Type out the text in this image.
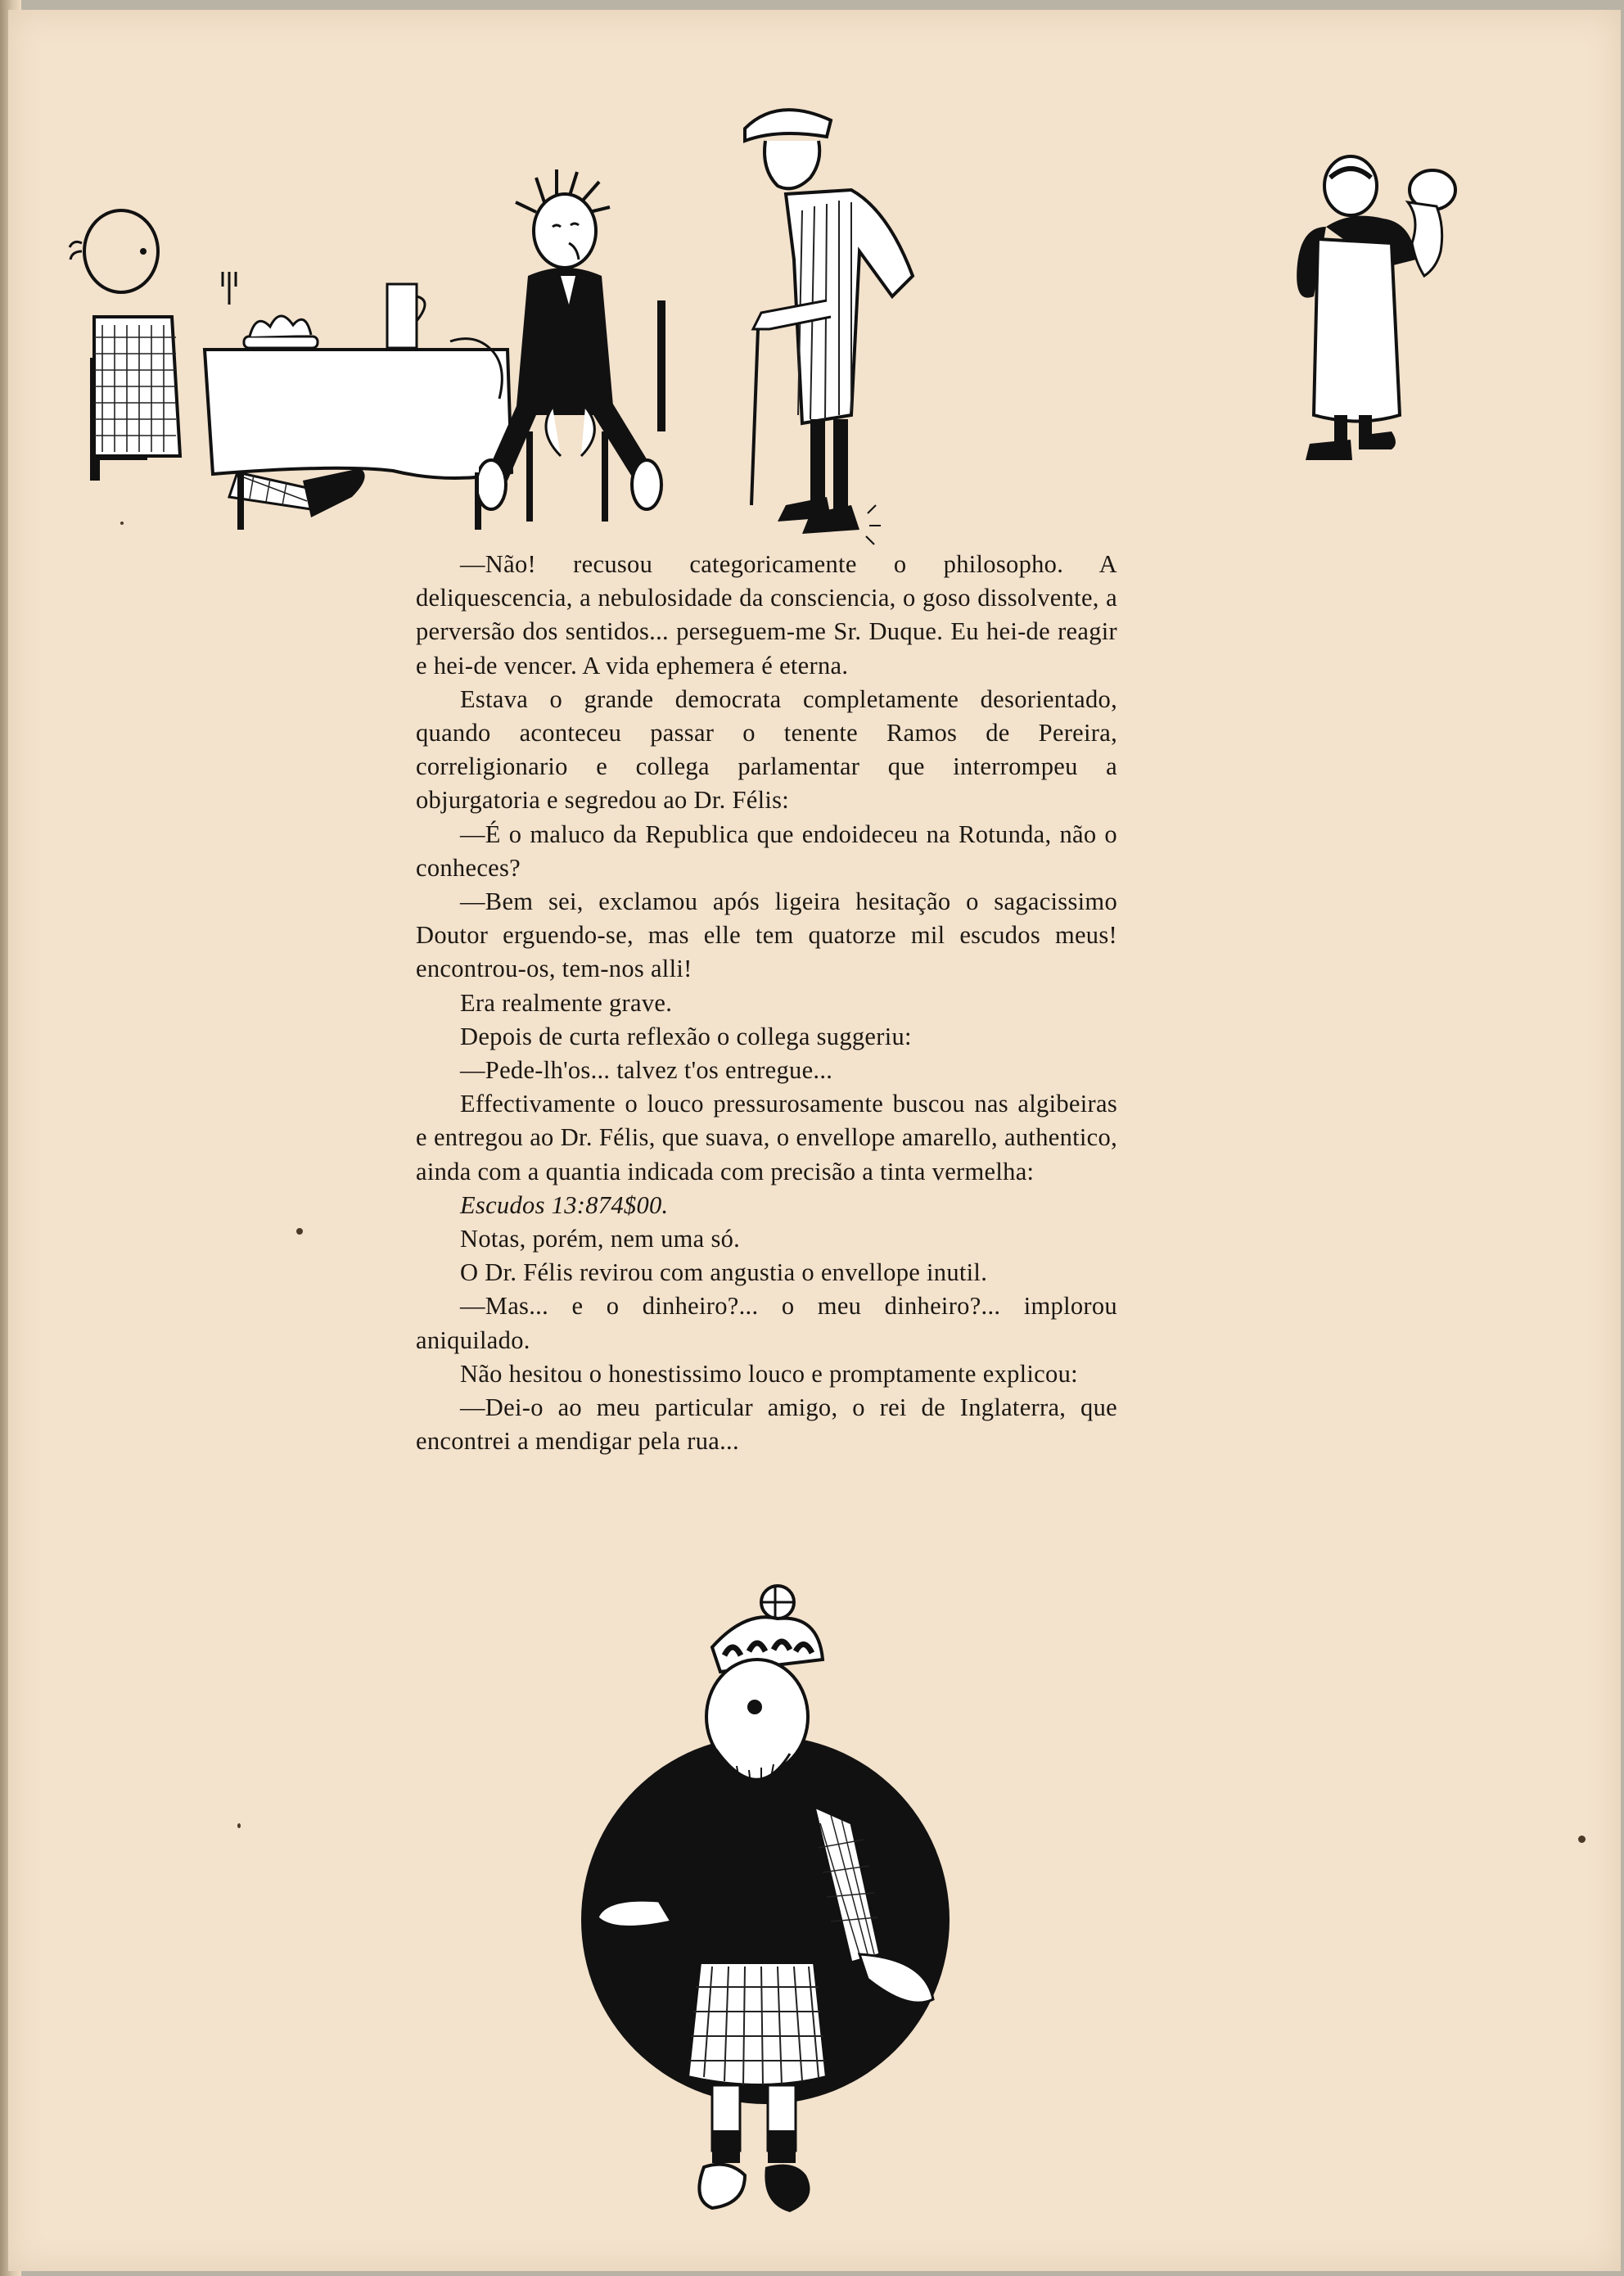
—Não! recusou categoricamente o philosopho. A deliquescencia, a nebulosidade da consciencia, o goso dissolvente, a perversão dos sentidos... perseguem-me Sr. Duque. Eu hei-de reagir e hei-de vencer. A vida ephemera é eterna.

Estava o grande democrata completamente desorientado, quando aconteceu passar o tenente Ramos de Pereira, correligionario e collega parlamentar que interrompeu a objurgatoria e segredou ao Dr. Félis:

—É o maluco da Republica que endoideceu na Rotunda, não o conheces?

—Bem sei, exclamou após ligeira hesitação o sagacissimo Doutor erguendo-se, mas elle tem quatorze mil escudos meus! encontrou-os, tem-nos alli!

Era realmente grave.

Depois de curta reflexão o collega suggeriu:

—Pede-lh'os... talvez t'os entregue...

Effectivamente o louco pressurosamente buscou nas algibeiras e entregou ao Dr. Félis, que suava, o envellope amarello, authentico, ainda com a quantia indicada com precisão a tinta vermelha:

Escudos 13:874$00.

Notas, porém, nem uma só.

O Dr. Félis revirou com angustia o envellope inutil.

—Mas... e o dinheiro?... o meu dinheiro?... implorou aniquilado.

Não hesitou o honestissimo louco e promptamente explicou:

—Dei-o ao meu particular amigo, o rei de Inglaterra, que encontrei a mendigar pela rua...
